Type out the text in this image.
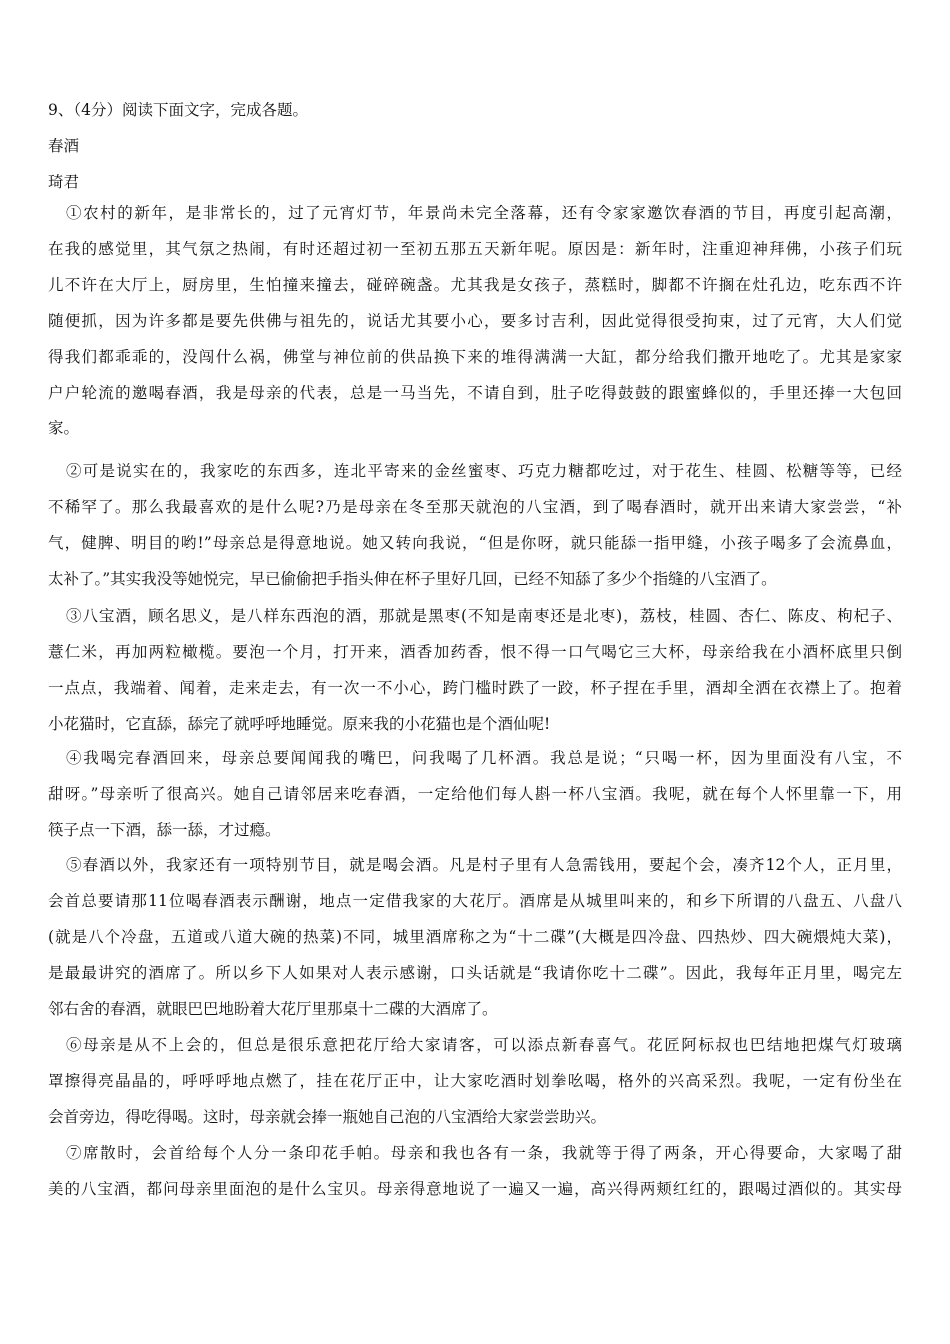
9、（4分）阅读下面文字，完成各题。
春酒
琦君
①农村的新年，是非常长的，过了元宵灯节，年景尚未完全落幕，还有令家家邀饮春酒的节目，再度引起高潮，
在我的感觉里，其气氛之热闹，有时还超过初一至初五那五天新年呢。原因是：新年时，注重迎神拜佛，小孩子们玩
儿不许在大厅上，厨房里，生怕撞来撞去，碰碎碗盏。尤其我是女孩子，蒸糕时，脚都不许搁在灶孔边，吃东西不许
随便抓，因为许多都是要先供佛与祖先的，说话尤其要小心，要多讨吉利，因此觉得很受拘束，过了元宵，大人们觉
得我们都乖乖的，没闯什么祸，佛堂与神位前的供品换下来的堆得满满一大缸，都分给我们撒开地吃了。尤其是家家
户户轮流的邀喝春酒，我是母亲的代表，总是一马当先，不请自到，肚子吃得鼓鼓的跟蜜蜂似的，手里还捧一大包回
家。
②可是说实在的，我家吃的东西多，连北平寄来的金丝蜜枣、巧克力糖都吃过，对于花生、桂圆、松糖等等，已经
不稀罕了。那么我最喜欢的是什么呢?乃是母亲在冬至那天就泡的八宝酒，到了喝春酒时，就开出来请大家尝尝，“补
气，健脾、明目的哟!”母亲总是得意地说。她又转向我说，“但是你呀，就只能舔一指甲缝，小孩子喝多了会流鼻血，
太补了。”其实我没等她悦完，早已偷偷把手指头伸在杯子里好几回，已经不知舔了多少个指缝的八宝酒了。
③八宝酒，顾名思义，是八样东西泡的酒，那就是黑枣(不知是南枣还是北枣)，荔枝，桂圆、杏仁、陈皮、枸杞子、
薏仁米，再加两粒橄榄。要泡一个月，打开来，酒香加药香，恨不得一口气喝它三大杯，母亲给我在小酒杯底里只倒
一点点，我端着、闻着，走来走去，有一次一不小心，跨门槛时跌了一跤，杯子捏在手里，酒却全洒在衣襟上了。抱着
小花猫时，它直舔，舔完了就呼呼地睡觉。原来我的小花猫也是个酒仙呢!
④我喝完春酒回来，母亲总要闻闻我的嘴巴，问我喝了几杯酒。我总是说；“只喝一杯，因为里面没有八宝，不
甜呀。”母亲听了很高兴。她自己请邻居来吃春酒，一定给他们每人斟一杯八宝酒。我呢，就在每个人怀里靠一下，用
筷子点一下酒，舔一舔，才过瘾。
⑤春酒以外，我家还有一项特别节目，就是喝会酒。凡是村子里有人急需钱用，要起个会，凑齐12个人，正月里，
会首总要请那11位喝春酒表示酬谢，地点一定借我家的大花厅。酒席是从城里叫来的，和乡下所谓的八盘五、八盘八
(就是八个冷盘，五道或八道大碗的热菜)不同，城里酒席称之为“十二碟”(大概是四冷盘、四热炒、四大碗煨炖大菜)，
是最最讲究的酒席了。所以乡下人如果对人表示感谢，口头话就是“我请你吃十二碟”。因此，我每年正月里，喝完左
邻右舍的春酒，就眼巴巴地盼着大花厅里那桌十二碟的大酒席了。
⑥母亲是从不上会的，但总是很乐意把花厅给大家请客，可以添点新春喜气。花匠阿标叔也巴结地把煤气灯玻璃
罩擦得亮晶晶的，呼呼呼地点燃了，挂在花厅正中，让大家吃酒时划拳吆喝，格外的兴高采烈。我呢，一定有份坐在
会首旁边，得吃得喝。这时，母亲就会捧一瓶她自己泡的八宝酒给大家尝尝助兴。
⑦席散时，会首给每个人分一条印花手帕。母亲和我也各有一条，我就等于得了两条，开心得要命，大家喝了甜
美的八宝酒，都问母亲里面泡的是什么宝贝。母亲得意地说了一遍又一遍，高兴得两颊红红的，跟喝过酒似的。其实母
